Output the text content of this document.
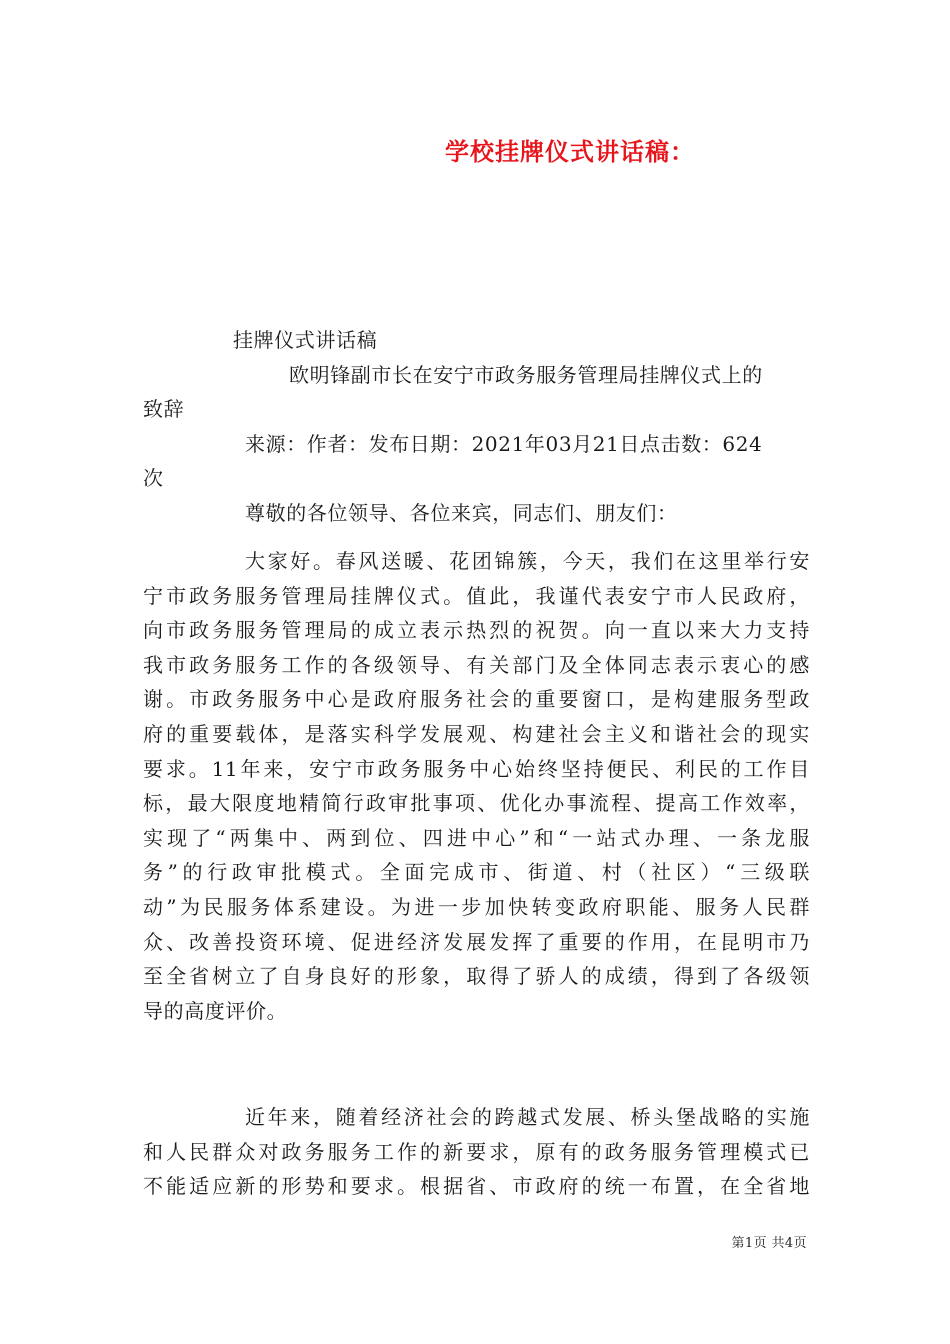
学校挂牌仪式讲话稿：
挂牌仪式讲话稿
欧明锋副市长在安宁市政务服务管理局挂牌仪式上的
致辞
来源：作者：发布日期：2021年03月21日点击数：624
次
尊敬的各位领导、各位来宾，同志们、朋友们：
大家好。春风送暖、花团锦簇，今天，我们在这里举行安
宁市政务服务管理局挂牌仪式。值此，我谨代表安宁市人民政府，
向市政务服务管理局的成立表示热烈的祝贺。向一直以来大力支持
我市政务服务工作的各级领导、有关部门及全体同志表示衷心的感
谢。市政务服务中心是政府服务社会的重要窗口，是构建服务型政
府的重要载体，是落实科学发展观、构建社会主义和谐社会的现实
要求。11年来，安宁市政务服务中心始终坚持便民、利民的工作目
标，最大限度地精简行政审批事项、优化办事流程、提高工作效率，
实现了“两集中、两到位、四进中心”和“一站式办理、一条龙服
务”的行政审批模式。全面完成市、街道、村（社区）“三级联
动”为民服务体系建设。为进一步加快转变政府职能、服务人民群
众、改善投资环境、促进经济发展发挥了重要的作用，在昆明市乃
至全省树立了自身良好的形象，取得了骄人的成绩，得到了各级领
导的高度评价。
近年来，随着经济社会的跨越式发展、桥头堡战略的实施
和人民群众对政务服务工作的新要求，原有的政务服务管理模式已
不能适应新的形势和要求。根据省、市政府的统一布置，在全省地
第1页 共4页
